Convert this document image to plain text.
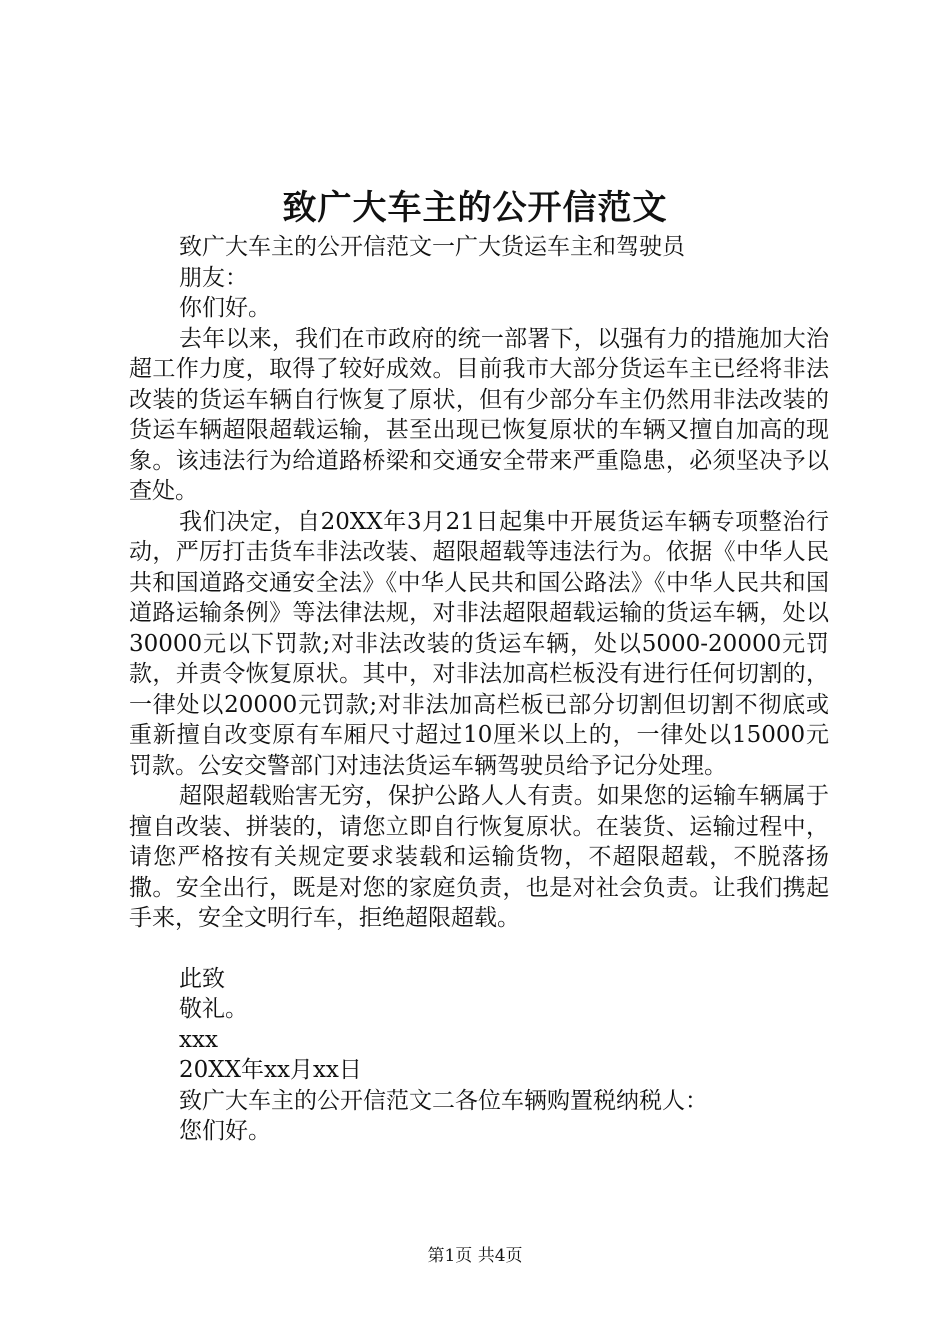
致广大车主的公开信范文
致广大车主的公开信范文一广大货运车主和驾驶员
朋友：
你们好。
去年以来，我们在市政府的统一部署下，以强有力的措施加大治超工作力度，取得了较好成效。目前我市大部分货运车主已经将非法改装的货运车辆自行恢复了原状，但有少部分车主仍然用非法改装的货运车辆超限超载运输，甚至出现已恢复原状的车辆又擅自加高的现象。该违法行为给道路桥梁和交通安全带来严重隐患，必须坚决予以查处。
我们决定，自20XX年3月21日起集中开展货运车辆专项整治行动，严厉打击货车非法改装、超限超载等违法行为。依据《中华人民共和国道路交通安全法》《中华人民共和国公路法》《中华人民共和国道路运输条例》等法律法规，对非法超限超载运输的货运车辆，处以30000元以下罚款;对非法改装的货运车辆，处以5000-20000元罚款，并责令恢复原状。其中，对非法加高栏板没有进行任何切割的，一律处以20000元罚款;对非法加高栏板已部分切割但切割不彻底或重新擅自改变原有车厢尺寸超过10厘米以上的，一律处以15000元罚款。公安交警部门对违法货运车辆驾驶员给予记分处理。
超限超载贻害无穷，保护公路人人有责。如果您的运输车辆属于擅自改装、拼装的，请您立即自行恢复原状。在装货、运输过程中，请您严格按有关规定要求装载和运输货物，不超限超载，不脱落扬撒。安全出行，既是对您的家庭负责，也是对社会负责。让我们携起手来，安全文明行车，拒绝超限超载。
此致
敬礼。
xxx
20XX年xx月xx日
致广大车主的公开信范文二各位车辆购置税纳税人：
您们好。
第1页 共4页
